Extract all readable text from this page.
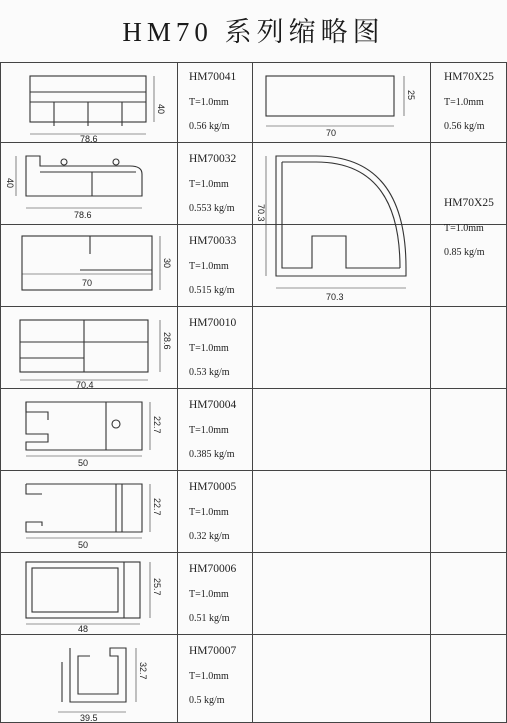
HM70 系列缩略图
HM70041
T=1.0mm
0.56 kg/m
HM70032
T=1.0mm
0.553 kg/m
HM70033
T=1.0mm
0.515 kg/m
HM70010
T=1.0mm
0.53 kg/m
HM70004
T=1.0mm
0.385 kg/m
HM70005
T=1.0mm
0.32 kg/m
HM70006
T=1.0mm
0.51 kg/m
HM70007
T=1.0mm
0.5 kg/m
HM70X25
T=1.0mm
0.56 kg/m
HM70X25
T=1.0mm
0.85 kg/m
78.6
40
78.6
40
70
30
70.4
28.6
50
22.7
50
22.7
48
25.7
39.5
32.7
70
25
70.3
70.3
